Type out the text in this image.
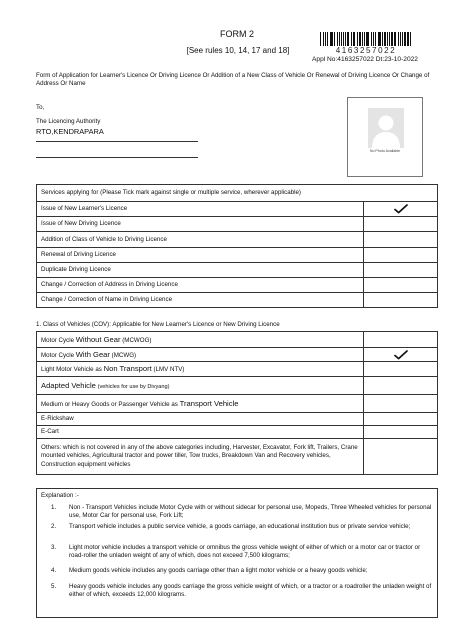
FORM 2
[See rules 10, 14, 17 and 18]	4163257022
Appl No:4163257022 Dt:23-10-2022
Form of Application for Learner's Licence Or Driving Licence Or Addition of a New Class of Vehicle Or Renewal of Driving Licence Or Change of Address Or Name
To,
The Licencing Authority
RTO,KENDRAPARA
No Photo Available
Services applying for (Please Tick mark against single or multiple service, wherever applicable)	
Issue of New Learner's Licence	
Issue of New Driving Licence	
Addition of Class of Vehicle to Driving Licence	
Renewal of Driving Licence	
Duplicate Driving Licence	
Change / Correction of Address in Driving Licence	
Change / Correction of Name in Driving Licence	
1. Class of Vehicles (COV): Applicable for New Learner's Licence or New Driving Licence
Motor Cycle Without Gear (MCWOG)	
Motor Cycle With Gear (MCWG)	
Light Motor Vehicle as Non Transport (LMV NTV)	
Adapted Vehicle (vehicles for use by Divyang)	
Medium or Heavy Goods or Passenger Vehicle as Transport Vehicle	
E-Rickshaw	
E-Cart	
Others: which is not covered in any of the above categories including, Harvester, Excavator, Fork lift, Trailers, Crane mounted vehicles, Agricultural tractor and power tiller, Tow trucks, Breakdown Van and Recovery vehicles, Construction equipment vehicles	
Explanation :-
1. Non - Transport Vehicles include Motor Cycle with or without sidecar for personal use, Mopeds, Three Wheeled vehicles for personal use, Motor Car for personal use, Fork Lift;
2. Transport vehicle includes a public service vehicle, a goods carriage, an educational institution bus or private service vehicle;
3. Light motor vehicle includes a transport vehicle or omnibus the gross vehicle weight of either of which or a motor car or tractor or road-roller the unladen weight of any of which, does not exceed 7,500 kilograms;
4. Medium goods vehicle includes any goods carriage other than a light motor vehicle or a heavy goods vehicle;
5. Heavy goods vehicle includes any goods carriage the gross vehicle weight of which, or a tractor or a roadroller the unladen weight of either of which, exceeds 12,000 kilograms.
